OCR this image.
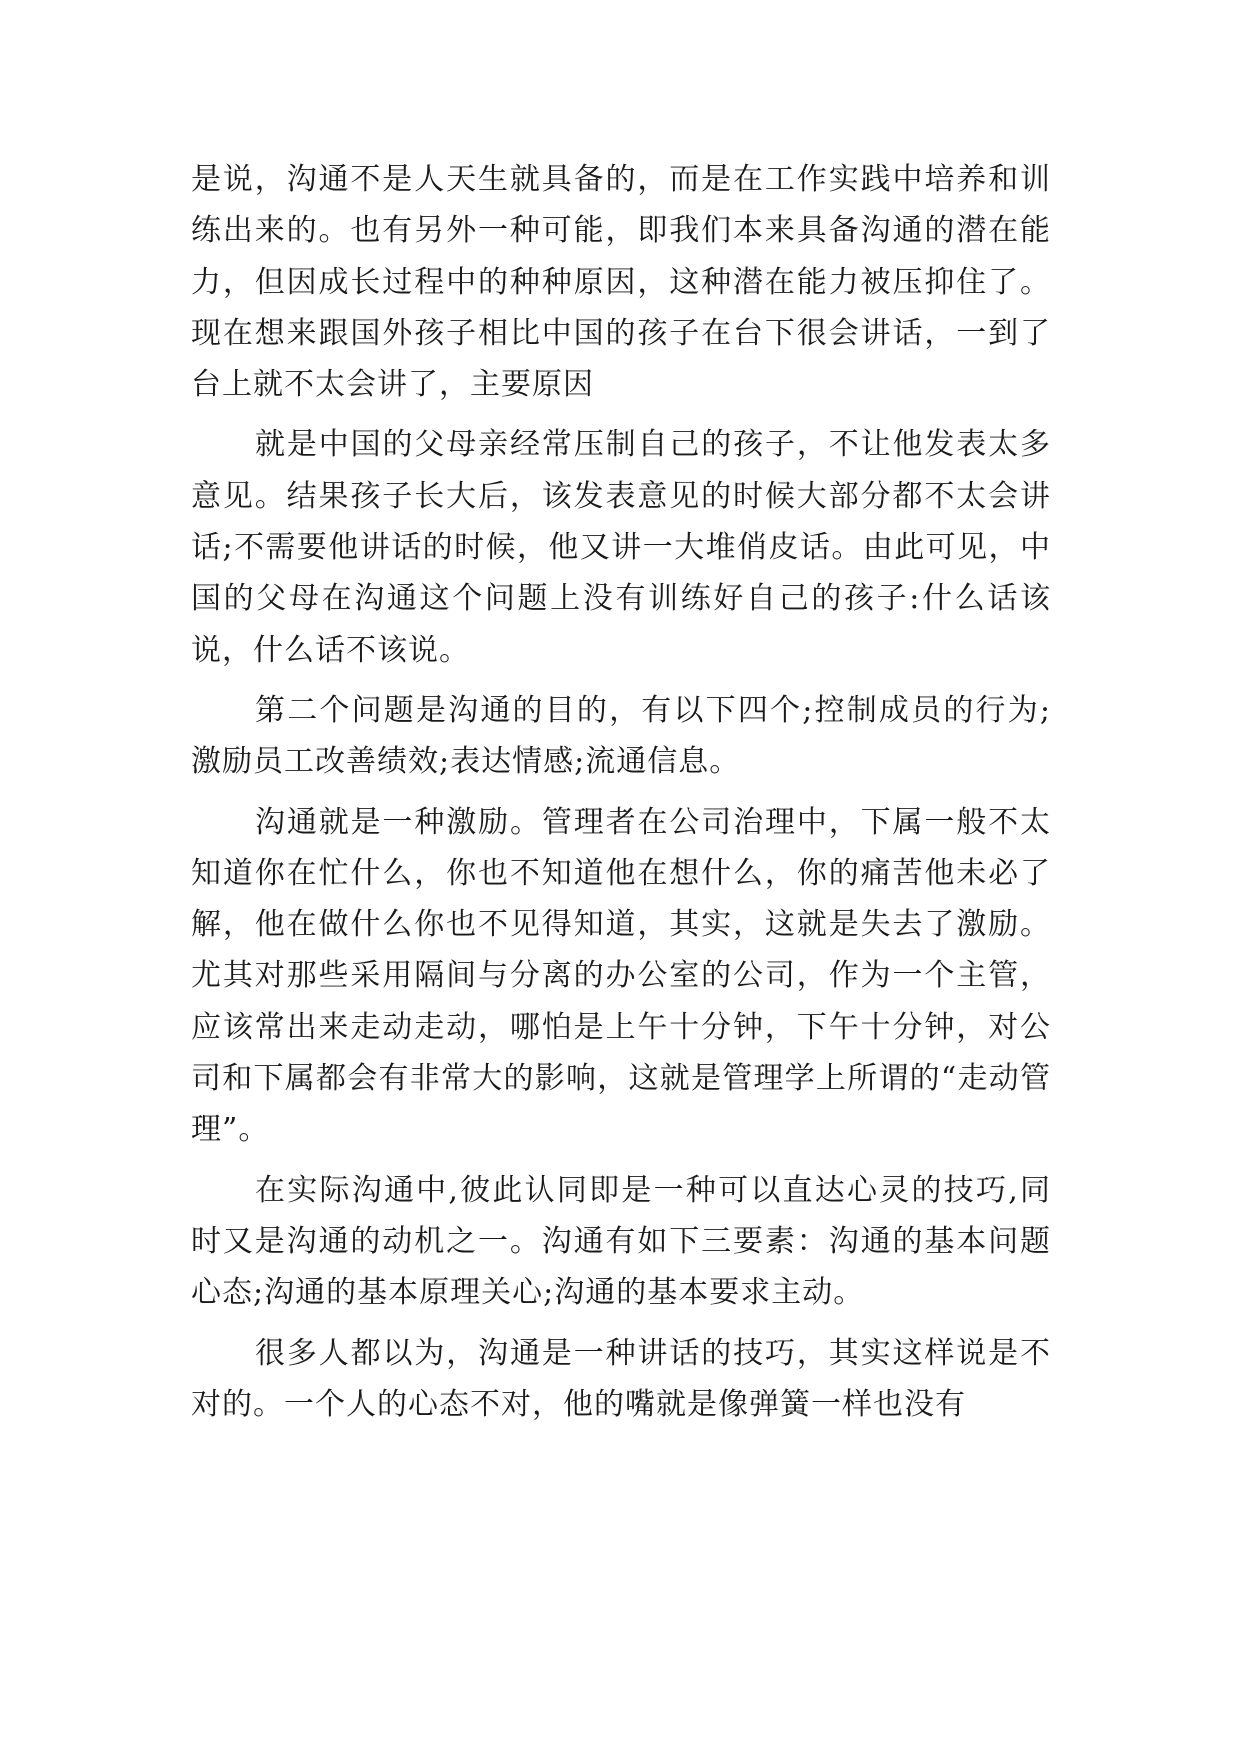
是说，沟通不是人天生就具备的，而是在工作实践中培养和训练出来的。也有另外一种可能，即我们本来具备沟通的潜在能力，但因成长过程中的种种原因，这种潜在能力被压抑住了。现在想来跟国外孩子相比中国的孩子在台下很会讲话，一到了台上就不太会讲了，主要原因

就是中国的父母亲经常压制自己的孩子，不让他发表太多意见。结果孩子长大后，该发表意见的时候大部分都不太会讲话;不需要他讲话的时候，他又讲一大堆俏皮话。由此可见，中国的父母在沟通这个问题上没有训练好自己的孩子:什么话该说，什么话不该说。

第二个问题是沟通的目的，有以下四个;控制成员的行为;激励员工改善绩效;表达情感;流通信息。

沟通就是一种激励。管理者在公司治理中，下属一般不太知道你在忙什么，你也不知道他在想什么，你的痛苦他未必了解，他在做什么你也不见得知道，其实，这就是失去了激励。尤其对那些采用隔间与分离的办公室的公司，作为一个主管，应该常出来走动走动，哪怕是上午十分钟，下午十分钟，对公司和下属都会有非常大的影响，这就是管理学上所谓的“走动管理”。

在实际沟通中,彼此认同即是一种可以直达心灵的技巧,同时又是沟通的动机之一。沟通有如下三要素：沟通的基本问题心态;沟通的基本原理关心;沟通的基本要求主动。

很多人都以为，沟通是一种讲话的技巧，其实这样说是不对的。一个人的心态不对，他的嘴就是像弹簧一样也没有
